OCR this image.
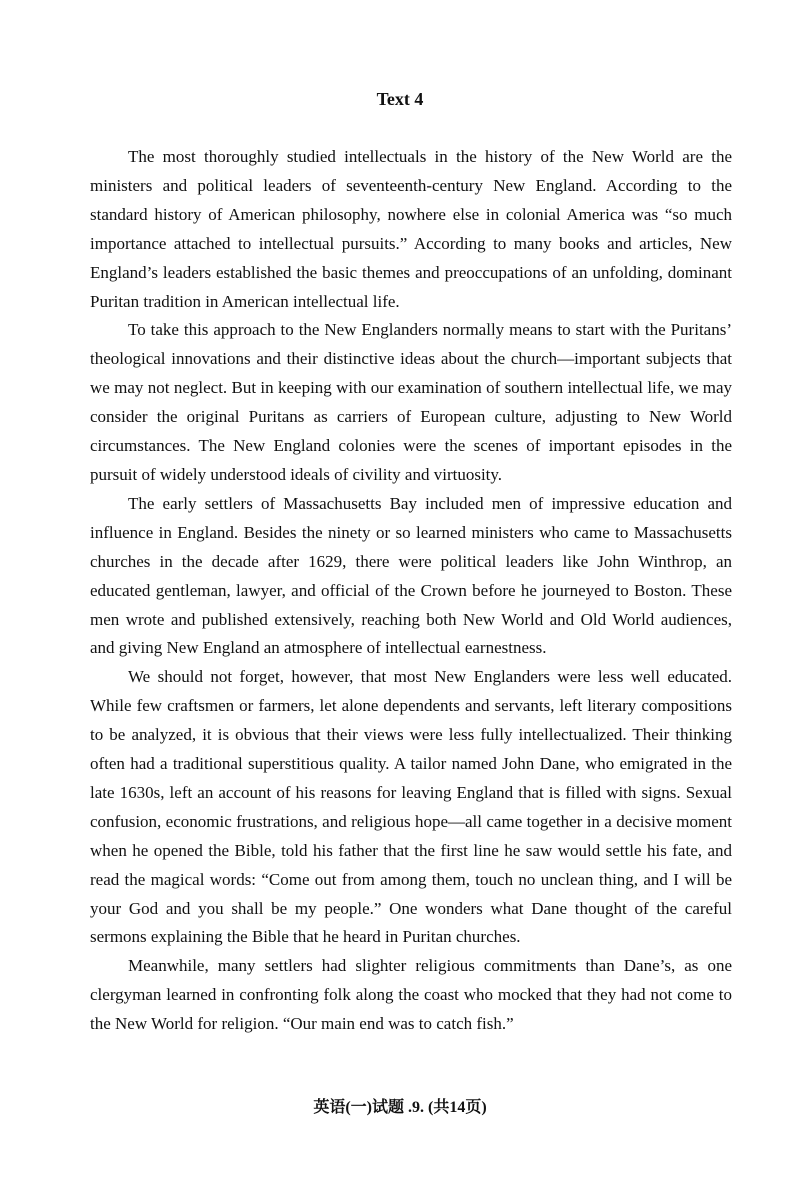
Text 4

The most thoroughly studied intellectuals in the history of the New World are the ministers and political leaders of seventeenth-century New England. According to the standard history of American philosophy, nowhere else in colonial America was “so much importance attached to intellectual pursuits.” According to many books and articles, New England’s leaders established the basic themes and preoccupations of an unfolding, dominant Puritan tradition in American intellectual life.

To take this approach to the New Englanders normally means to start with the Puritans’ theological innovations and their distinctive ideas about the church—important subjects that we may not neglect. But in keeping with our examination of southern intellectual life, we may consider the original Puritans as carriers of European culture, adjusting to New World circumstances. The New England colonies were the scenes of important episodes in the pursuit of widely understood ideals of civility and virtuosity.

The early settlers of Massachusetts Bay included men of impressive education and influence in England. Besides the ninety or so learned ministers who came to Massachusetts churches in the decade after 1629, there were political leaders like John Winthrop, an educated gentleman, lawyer, and official of the Crown before he journeyed to Boston. These men wrote and published extensively, reaching both New World and Old World audiences, and giving New England an atmosphere of intellectual earnestness.

We should not forget, however, that most New Englanders were less well educated. While few craftsmen or farmers, let alone dependents and servants, left literary compositions to be analyzed, it is obvious that their views were less fully intellectualized. Their thinking often had a traditional superstitious quality. A tailor named John Dane, who emigrated in the late 1630s, left an account of his reasons for leaving England that is filled with signs. Sexual confusion, economic frustrations, and religious hope—all came together in a decisive moment when he opened the Bible, told his father that the first line he saw would settle his fate, and read the magical words: “Come out from among them, touch no unclean thing, and I will be your God and you shall be my people.” One wonders what Dane thought of the careful sermons explaining the Bible that he heard in Puritan churches.

Meanwhile, many settlers had slighter religious commitments than Dane’s, as one clergyman learned in confronting folk along the coast who mocked that they had not come to the New World for religion. “Our main end was to catch fish.”

英语(一)试题 .9. (共14页)
